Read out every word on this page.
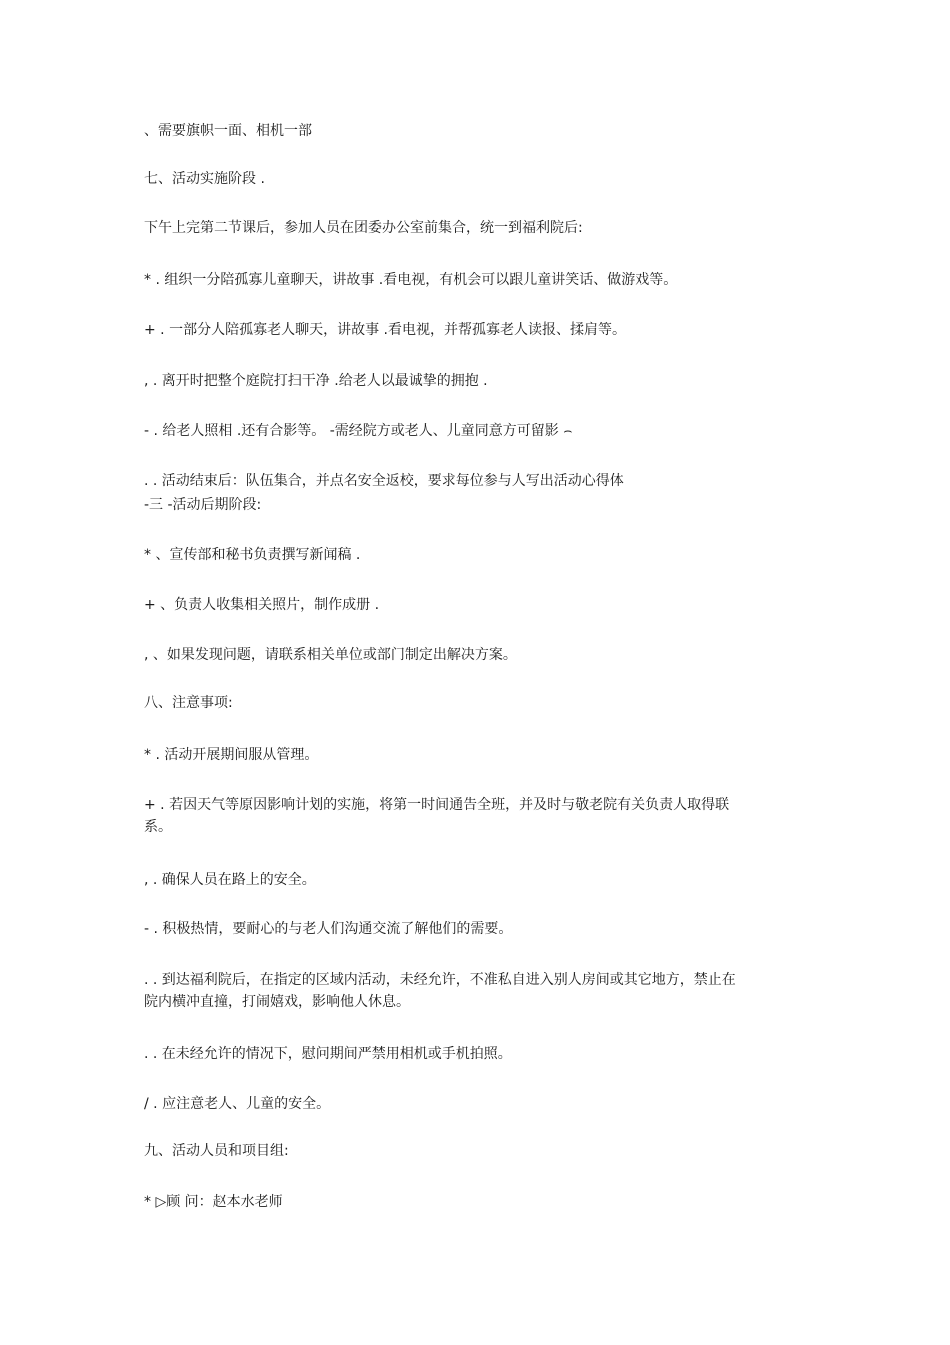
、需要旗帜一面、相机一部
七、活动实施阶段 .
下午上完第二节课后，参加人员在团委办公室前集合，统一到福利院后:
* . 组织一分陪孤寡儿童聊天，讲故事 .看电视，有机会可以跟儿童讲笑话、做游戏等。
+ . 一部分人陪孤寡老人聊天，讲故事 .看电视，并帮孤寡老人读报、揉肩等。
, . 离开时把整个庭院打扫干净 .给老人以最诚挚的拥抱 .
- . 给老人照相 .还有合影等。 -需经院方或老人、儿童同意方可留影 ⌢
. . 活动结束后：队伍集合，并点名安全返校，要求每位参与人写出活动心得体
-三 -活动后期阶段:
* 、宣传部和秘书负责撰写新闻稿 .
+ 、负责人收集相关照片，制作成册 .
, 、如果发现问题，请联系相关单位或部门制定出解决方案。
八、注意事项:
* . 活动开展期间服从管理。
+ . 若因天气等原因影响计划的实施，将第一时间通告全班，并及时与敬老院有关负责人取得联系。
, . 确保人员在路上的安全。
- . 积极热情，要耐心的与老人们沟通交流了解他们的需要。
. . 到达福利院后，在指定的区域内活动，未经允许，不准私自进入别人房间或其它地方，禁止在院内横冲直撞，打闹嬉戏，影响他人休息。
. . 在未经允许的情况下，慰问期间严禁用相机或手机拍照。
/ . 应注意老人、儿童的安全。
九、活动人员和项目组:
* ▷顾 问：赵本水老师
